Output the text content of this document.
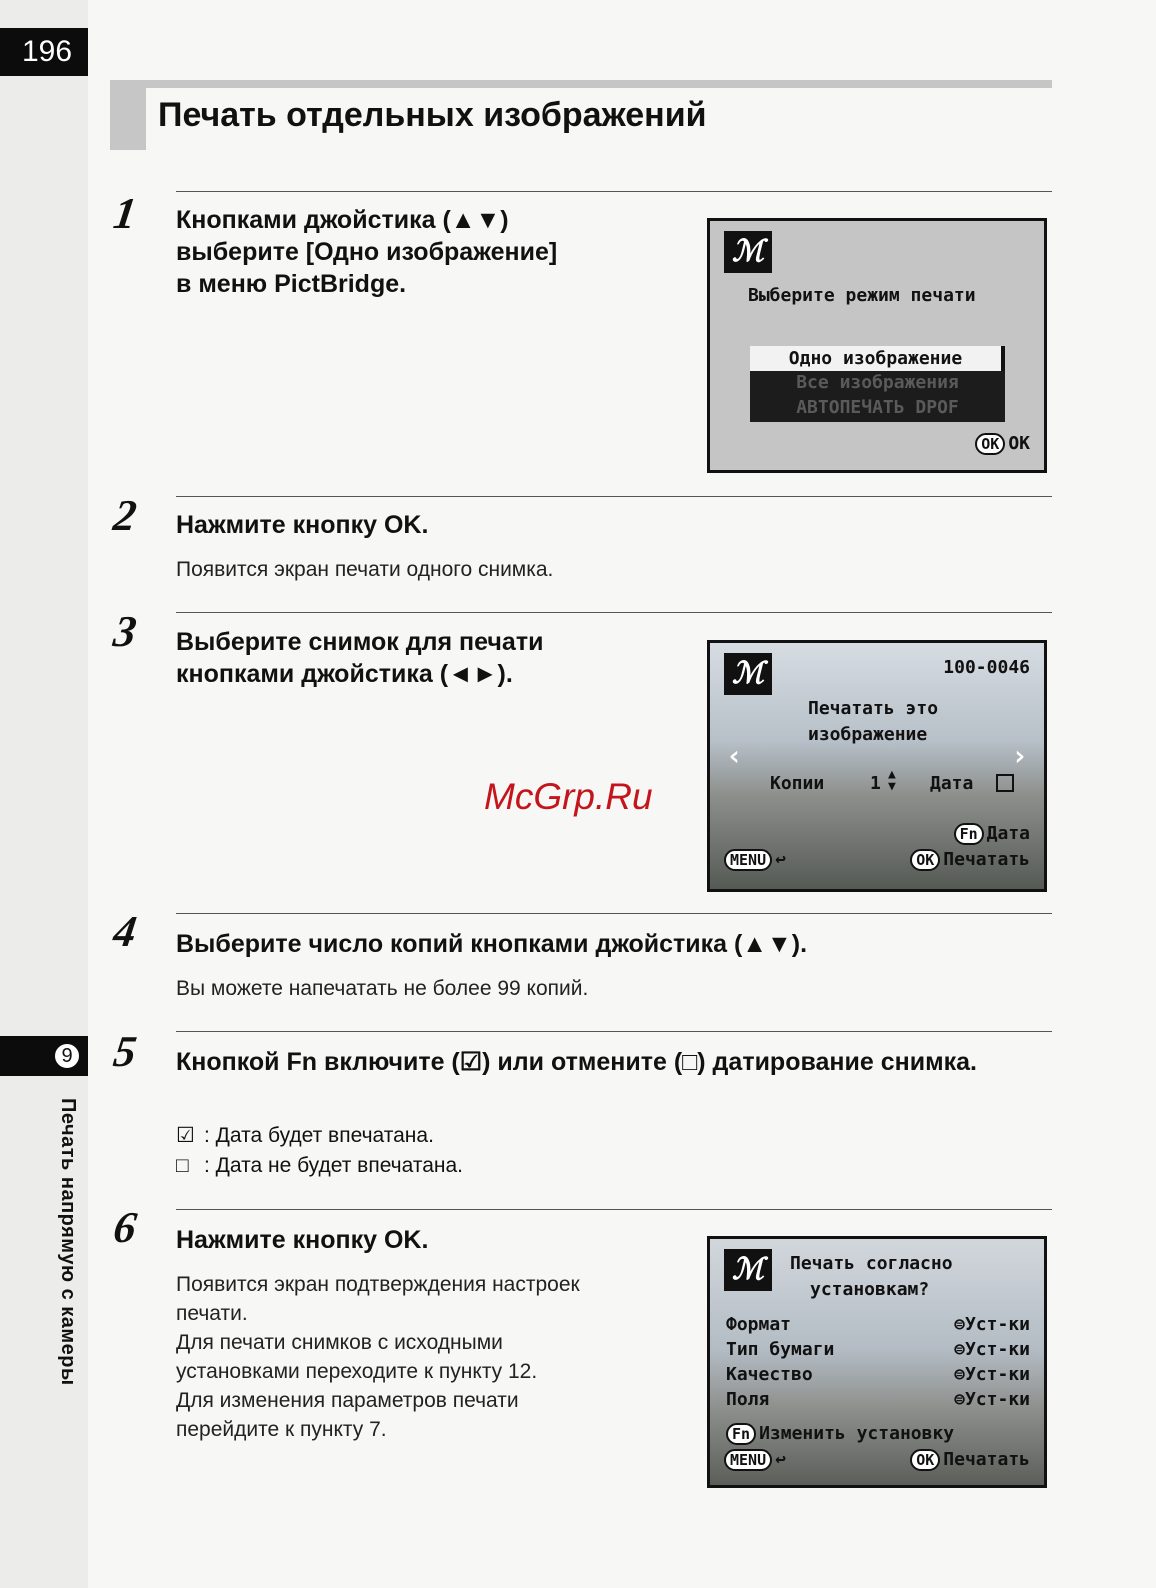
196
9
Печать напрямую с камеры
Печать отдельных изображений
1 Кнопками джойстика (▲▼)
выберите [Одно изображение]
в меню PictBridge.

ℳ
Выберите режим печати
Одно изображение
Все изображения
АВТОПЕЧАТЬ DPOF
OK OK
2 Нажмите кнопку OK.

Появится экран печати одного снимка.
3 Выберите снимок для печати
кнопками джойстика (◄►).	ℳ	100-0046
Печатать это
изображение
‹	›
Копии	1 ▲
▼ Дата
Fn Дата
MENU ↩	OK Печатать
4 Выберите число копий кнопками джойстика (▲▼).

Вы можете напечатать не более 99 копий.
McGrp.Ru
5 Кнопкой Fn включите (☑) или отмените (□) датирование снимка.

☑ : Дата будет впечатана.
□ : Дата не будет впечатана.
6 Нажмите кнопку OK.

Появится экран подтверждения настроек
печати.
Для печати снимков с исходными
установками переходите к пункту 12.
Для изменения параметров печати
перейдите к пункту 7.
ℳ	Печать согласно
установкам?
Формат	⊜Уст-ки
Тип бумаги	⊜Уст-ки
Качество	⊜Уст-ки
Поля	⊜Уст-ки
Fn Изменить установку
MENU ↩	OK Печатать
